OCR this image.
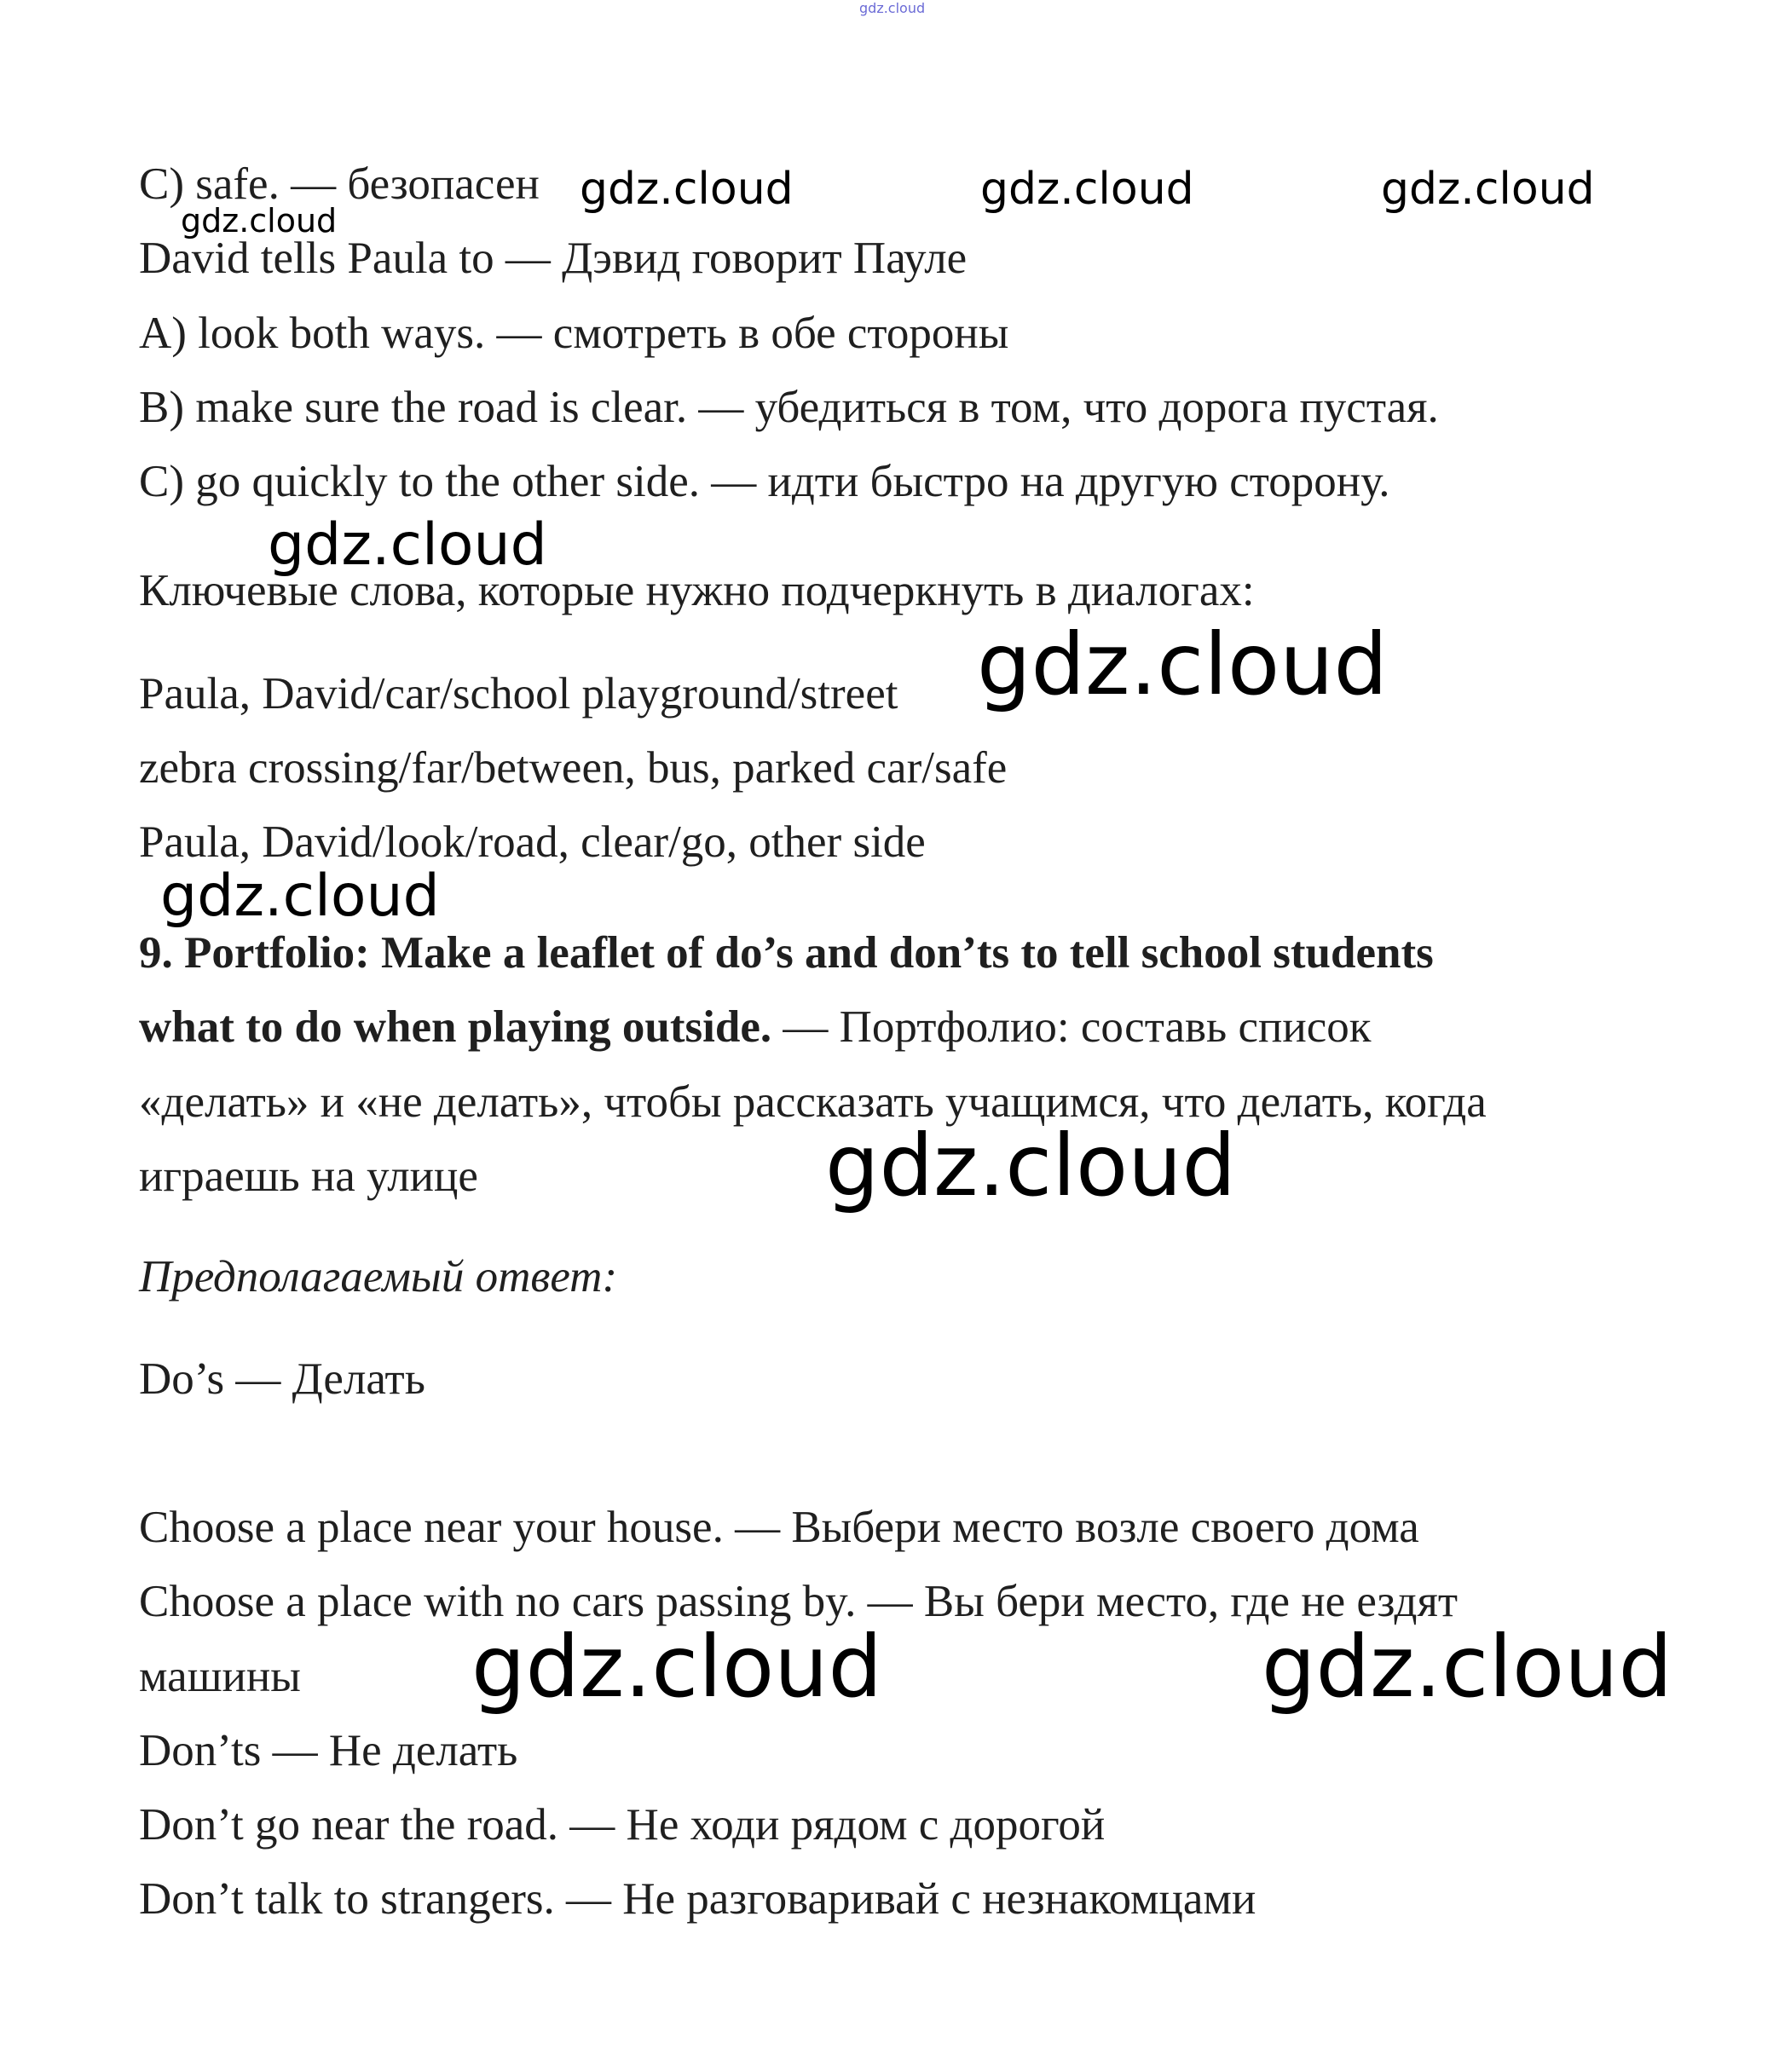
gdz.cloud
C) safe. — безопасен
David tells Paula to — Дэвид говорит Пауле
A) look both ways. — смотреть в обе стороны
B) make sure the road is clear. — убедиться в том, что дорога пустая.
C) go quickly to the other side. — идти быстро на другую сторону.
Ключевые слова, которые нужно подчеркнуть в диалогах:
Paula, David/car/school playground/street
zebra crossing/far/between, bus, parked car/safe
Paula, David/look/road, clear/go, other side
9. Portfolio: Make a leaflet of do’s and don’ts to tell school students
what to do when playing outside. — Портфолио: составь список
«делать» и «не делать», чтобы рассказать учащимся, что делать, когда
играешь на улице
Предполагаемый ответ:
Do’s — Делать
Choose a place near your house. — Выбери место возле своего дома
Choose a place with no cars passing by. — Вы бери место, где не ездят
машины
Don’ts — Не делать
Don’t go near the road. — Не ходи рядом с дорогой
Don’t talk to strangers. — Не разговаривай с незнакомцами
gdz.cloud	gdz.cloud	gdz.cloud
gdz.cloud
gdz.cloud
gdz.cloud
gdz.cloud
gdz.cloud
gdz.cloud	gdz.cloud
